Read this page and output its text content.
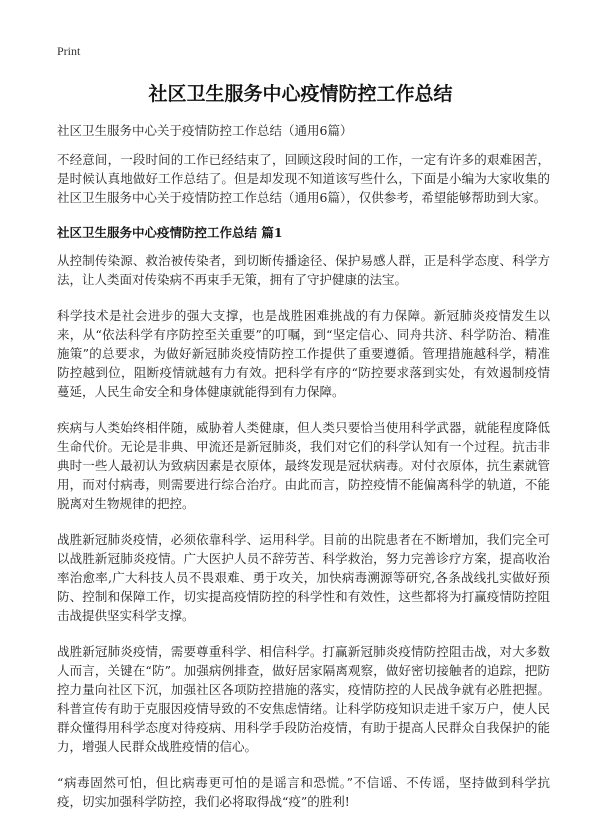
Print
社区卫生服务中心疫情防控工作总结

社区卫生服务中心关于疫情防控工作总结（通用6篇）

不经意间，一段时间的工作已经结束了，回顾这段时间的工作，一定有许多的艰难困苦，是时候认真地做好工作总结了。但是却发现不知道该写些什么，下面是小编为大家收集的社区卫生服务中心关于疫情防控工作总结（通用6篇），仅供参考，希望能够帮助到大家。

社区卫生服务中心疫情防控工作总结 篇1

从控制传染源、救治被传染者，到切断传播途径、保护易感人群，正是科学态度、科学方法，让人类面对传染病不再束手无策，拥有了守护健康的法宝。

科学技术是社会进步的强大支撑，也是战胜困难挑战的有力保障。新冠肺炎疫情发生以来，从“依法科学有序防控至关重要”的叮嘱，到“坚定信心、同舟共济、科学防治、精准施策”的总要求，为做好新冠肺炎疫情防控工作提供了重要遵循。管理措施越科学，精准防控越到位，阻断疫情就越有力有效。把科学有序的“防控要求落到实处，有效遏制疫情蔓延，人民生命安全和身体健康就能得到有力保障。

疾病与人类始终相伴随，威胁着人类健康，但人类只要恰当使用科学武器，就能程度降低生命代价。无论是非典、甲流还是新冠肺炎，我们对它们的科学认知有一个过程。抗击非典时一些人最初认为致病因素是衣原体，最终发现是冠状病毒。对付衣原体，抗生素就管用，而对付病毒，则需要进行综合治疗。由此而言，防控疫情不能偏离科学的轨道，不能脱离对生物规律的把控。

战胜新冠肺炎疫情，必须依靠科学、运用科学。目前的出院患者在不断增加，我们完全可以战胜新冠肺炎疫情。广大医护人员不辞劳苦、科学救治，努力完善诊疗方案，提高收治率治愈率,广大科技人员不畏艰难、勇于攻关，加快病毒溯源等研究,各条战线扎实做好预防、控制和保障工作，切实提高疫情防控的科学性和有效性，这些都将为打赢疫情防控阻击战提供坚实科学支撑。

战胜新冠肺炎疫情，需要尊重科学、相信科学。打赢新冠肺炎疫情防控阻击战，对大多数人而言，关键在“防”。加强病例排查，做好居家隔离观察，做好密切接触者的追踪，把防控力量向社区下沉，加强社区各项防控措施的落实，疫情防控的人民战争就有必胜把握。科普宣传有助于克服因疫情导致的不安焦虑情绪。让科学防疫知识走进千家万户，使人民群众懂得用科学态度对待疫病、用科学手段防治疫情，有助于提高人民群众自我保护的能力，增强人民群众战胜疫情的信心。

“病毒固然可怕，但比病毒更可怕的是谣言和恐慌。”不信谣、不传谣，坚持做到科学抗疫，切实加强科学防控，我们必将取得战“疫”的胜利!
